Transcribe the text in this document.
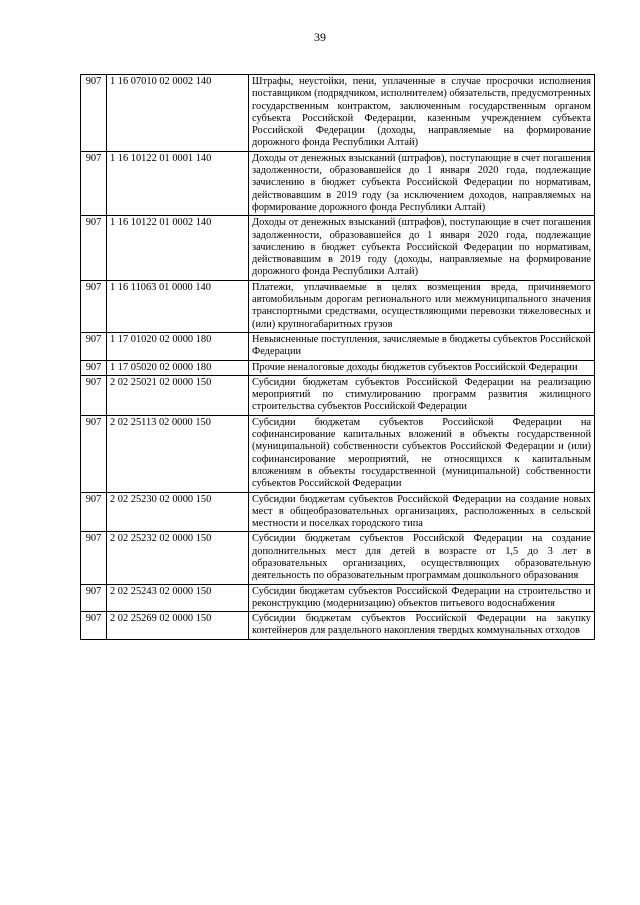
39
907	1 16 07010 02 0002 140	Штрафы, неустойки, пени, уплаченные в случае просрочки исполнения поставщиком (подрядчиком, исполнителем) обязательств, предусмотренных государственным контрактом, заключенным государственным органом субъекта Российской Федерации, казенным учреждением субъекта Российской Федерации (доходы, направляемые на формирование дорожного фонда Республики Алтай)
907	1 16 10122 01 0001 140	Доходы от денежных взысканий (штрафов), поступающие в счет погашения задолженности, образовавшейся до 1 января 2020 года, подлежащие зачислению в бюджет субъекта Российской Федерации по нормативам, действовавшим в 2019 году (за исключением доходов, направляемых на формирование дорожного фонда Республики Алтай)
907	1 16 10122 01 0002 140	Доходы от денежных взысканий (штрафов), поступающие в счет погашения задолженности, образовавшейся до 1 января 2020 года, подлежащие зачислению в бюджет субъекта Российской Федерации по нормативам, действовавшим в 2019 году (доходы, направляемые на формирование дорожного фонда Республики Алтай)
907	1 16 11063 01 0000 140	Платежи, уплачиваемые в целях возмещения вреда, причиняемого автомобильным дорогам регионального или межмуниципального значения транспортными средствами, осуществляющими перевозки тяжеловесных и (или) крупногабаритных грузов
907	1 17 01020 02 0000 180	Невыясненные поступления, зачисляемые в бюджеты субъектов Российской Федерации
907	1 17 05020 02 0000 180	Прочие неналоговые доходы бюджетов субъектов Российской Федерации
907	2 02 25021 02 0000 150	Субсидии бюджетам субъектов Российской Федерации на реализацию мероприятий по стимулированию программ развития жилищного строительства субъектов Российской Федерации
907	2 02 25113 02 0000 150	Субсидии бюджетам субъектов Российской Федерации на софинансирование капитальных вложений в объекты государственной (муниципальной) собственности субъектов Российской Федерации и (или) софинансирование мероприятий, не относящихся к капитальным вложениям в объекты государственной (муниципальной) собственности субъектов Российской Федерации
907	2 02 25230 02 0000 150	Субсидии бюджетам субъектов Российской Федерации на создание новых мест в общеобразовательных организациях, расположенных в сельской местности и поселках городского типа
907	2 02 25232 02 0000 150	Субсидии бюджетам субъектов Российской Федерации на создание дополнительных мест для детей в возрасте от 1,5 до 3 лет в образовательных организациях, осуществляющих образовательную деятельность по образовательным программам дошкольного образования
907	2 02 25243 02 0000 150	Субсидии бюджетам субъектов Российской Федерации на строительство и реконструкцию (модернизацию) объектов питьевого водоснабжения
907	2 02 25269 02 0000 150	Субсидии бюджетам субъектов Российской Федерации на закупку контейнеров для раздельного накопления твердых коммунальных отходов
